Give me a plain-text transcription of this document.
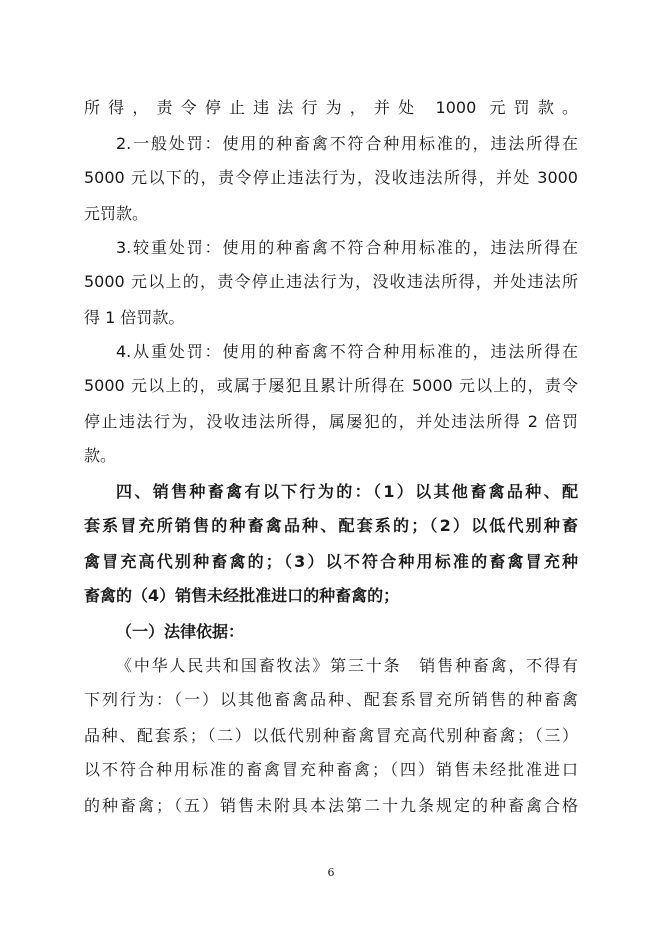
所得，责令停止违法行为，并处 1000 元罚款。
2.一般处罚：使用的种畜禽不符合种用标准的，违法所得在
5000 元以下的，责令停止违法行为，没收违法所得，并处 3000
元罚款。
3.较重处罚：使用的种畜禽不符合种用标准的，违法所得在
5000 元以上的，责令停止违法行为，没收违法所得，并处违法所
得 1 倍罚款。
4.从重处罚：使用的种畜禽不符合种用标准的，违法所得在
5000 元以上的，或属于屡犯且累计所得在 5000 元以上的，责令
停止违法行为，没收违法所得，属屡犯的，并处违法所得 2 倍罚
款。
四、销售种畜禽有以下行为的：（1）以其他畜禽品种、配
套系冒充所销售的种畜禽品种、配套系的；（2）以低代别种畜
禽冒充高代别种畜禽的；（3）以不符合种用标准的畜禽冒充种
畜禽的（4）销售未经批准进口的种畜禽的；
（一）法律依据：
《中华人民共和国畜牧法》第三十条　销售种畜禽，不得有
下列行为：（一）以其他畜禽品种、配套系冒充所销售的种畜禽
品种、配套系；（二）以低代别种畜禽冒充高代别种畜禽；（三）
以不符合种用标准的畜禽冒充种畜禽；（四）销售未经批准进口
的种畜禽；（五）销售未附具本法第二十九条规定的种畜禽合格
6
